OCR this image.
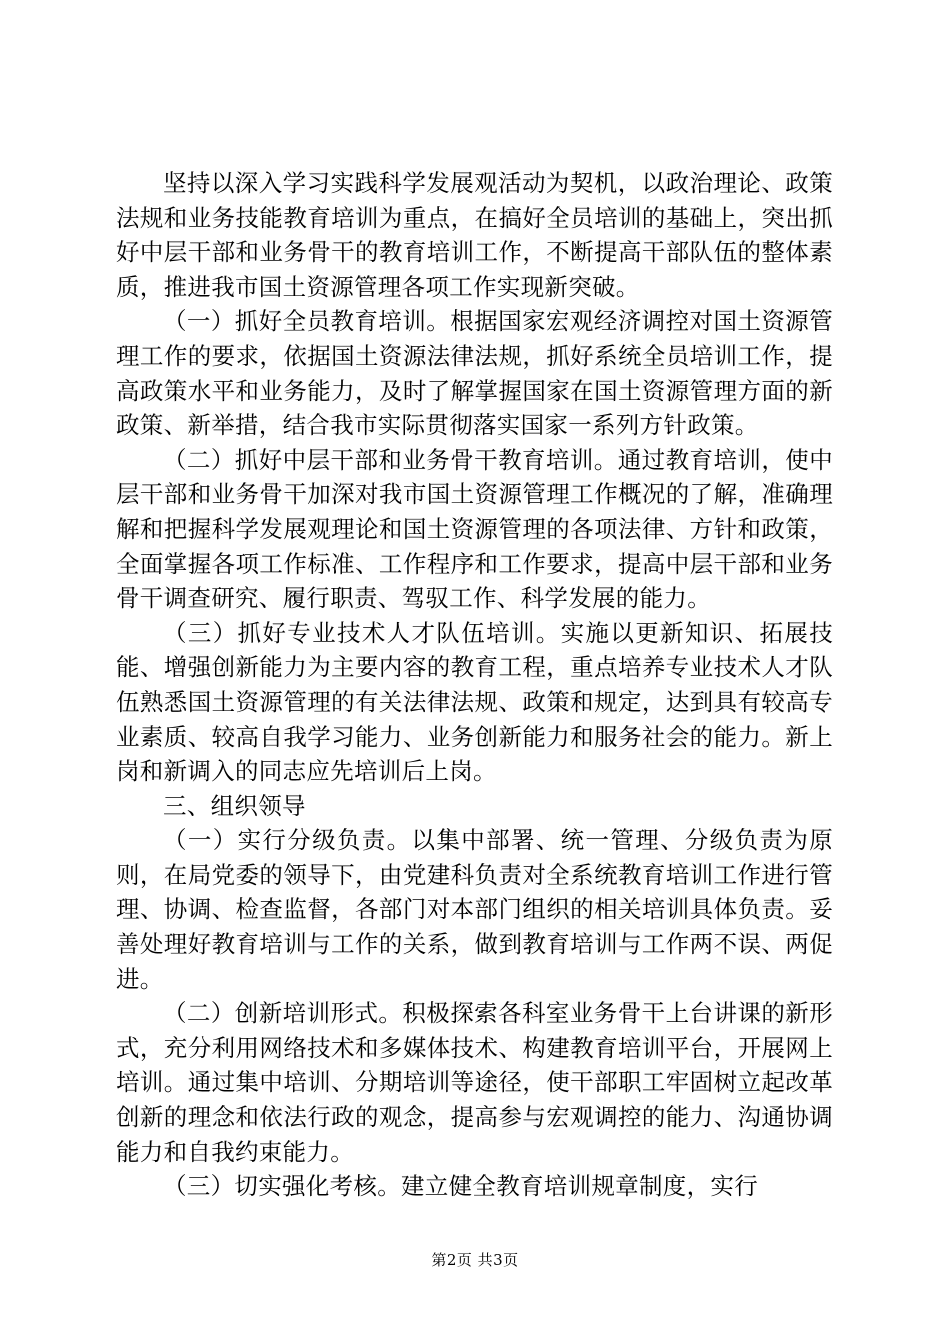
坚持以深入学习实践科学发展观活动为契机，以政治理论、政策法规和业务技能教育培训为重点，在搞好全员培训的基础上，突出抓好中层干部和业务骨干的教育培训工作，不断提高干部队伍的整体素质，推进我市国土资源管理各项工作实现新突破。

（一）抓好全员教育培训。根据国家宏观经济调控对国土资源管理工作的要求，依据国土资源法律法规，抓好系统全员培训工作，提高政策水平和业务能力，及时了解掌握国家在国土资源管理方面的新政策、新举措，结合我市实际贯彻落实国家一系列方针政策。

（二）抓好中层干部和业务骨干教育培训。通过教育培训，使中层干部和业务骨干加深对我市国土资源管理工作概况的了解，准确理解和把握科学发展观理论和国土资源管理的各项法律、方针和政策，全面掌握各项工作标准、工作程序和工作要求，提高中层干部和业务骨干调查研究、履行职责、驾驭工作、科学发展的能力。

（三）抓好专业技术人才队伍培训。实施以更新知识、拓展技能、增强创新能力为主要内容的教育工程，重点培养专业技术人才队伍熟悉国土资源管理的有关法律法规、政策和规定，达到具有较高专业素质、较高自我学习能力、业务创新能力和服务社会的能力。新上岗和新调入的同志应先培训后上岗。

三、组织领导

（一）实行分级负责。以集中部署、统一管理、分级负责为原则，在局党委的领导下，由党建科负责对全系统教育培训工作进行管理、协调、检查监督，各部门对本部门组织的相关培训具体负责。妥善处理好教育培训与工作的关系，做到教育培训与工作两不误、两促进。

（二）创新培训形式。积极探索各科室业务骨干上台讲课的新形式，充分利用网络技术和多媒体技术、构建教育培训平台，开展网上培训。通过集中培训、分期培训等途径，使干部职工牢固树立起改革创新的理念和依法行政的观念，提高参与宏观调控的能力、沟通协调能力和自我约束能力。

（三）切实强化考核。建立健全教育培训规章制度，实行

第2页 共3页
